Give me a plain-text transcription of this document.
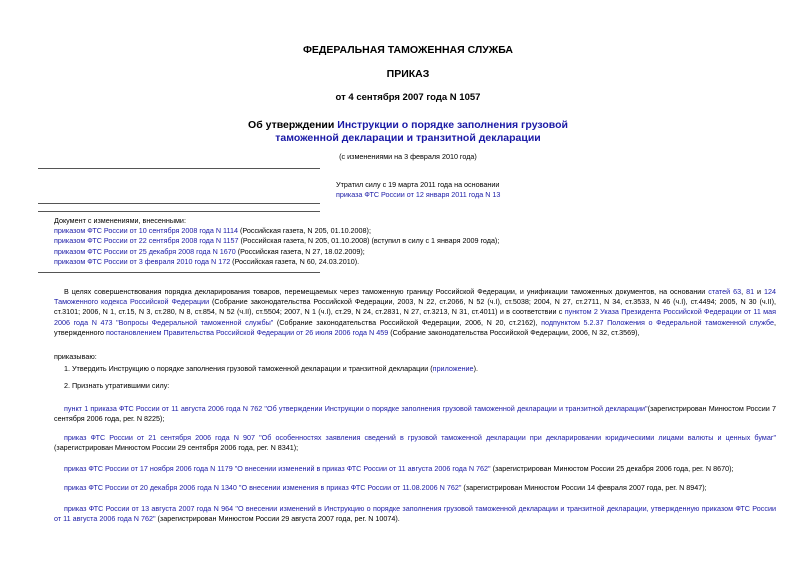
ФЕДЕРАЛЬНАЯ ТАМОЖЕННАЯ СЛУЖБА
ПРИКАЗ
от 4 сентября 2007 года N 1057
Об утверждении Инструкции о порядке заполнения грузовой
таможенной декларации и транзитной декларации
(с изменениями на 3 февраля 2010 года)
Утратил силу с 19 марта 2011 года на основании
приказа ФТС России от 12 января 2011 года N 13
Документ с изменениями, внесенными:
приказом ФТС России от 10 сентября 2008 года N 1114 (Российская газета, N 205, 01.10.2008);
приказом ФТС России от 22 сентября 2008 года N 1157 (Российская газета, N 205, 01.10.2008) (вступил в силу с 1 января 2009 года);
приказом ФТС России от 25 декабря 2008 года N 1670 (Российская газета, N 27, 18.02.2009);
приказом ФТС России от 3 февраля 2010 года N 172 (Российская газета, N 60, 24.03.2010).
В целях совершенствования порядка декларирования товаров, перемещаемых через таможенную границу Российской Федерации, и унификации таможенных документов, на основании статей 63, 81 и 124 Таможенного кодекса Российской Федерации (Собрание законодательства Российской Федерации, 2003, N 22, ст.2066, N 52 (ч.I), ст.5038; 2004, N 27, ст.2711, N 34, ст.3533, N 46 (ч.I), ст.4494; 2005, N 30 (ч.II), ст.3101; 2006, N 1, ст.15, N 3, ст.280, N 8, ст.854, N 52 (ч.II), ст.5504; 2007, N 1 (ч.I), ст.29, N 24, ст.2831, N 27, ст.3213, N 31, ст.4011) и в соответствии с пунктом 2 Указа Президента Российской Федерации от 11 мая 2006 года N 473 "Вопросы Федеральной таможенной службы" (Собрание законодательства Российской Федерации, 2006, N 20, ст.2162), подпунктом 5.2.37 Положения о Федеральной таможенной службе, утвержденного постановлением Правительства Российской Федерации от 26 июля 2006 года N 459 (Собрание законодательства Российской Федерации, 2006, N 32, ст.3569),
приказываю:
1. Утвердить Инструкцию о порядке заполнения грузовой таможенной декларации и транзитной декларации (приложение).
2. Признать утратившими силу:
пункт 1 приказа ФТС России от 11 августа 2006 года N 762 "Об утверждении Инструкции о порядке заполнения грузовой таможенной декларации и транзитной декларации"(зарегистрирован Минюстом России 7 сентября 2006 года, рег. N 8225);
приказ ФТС России от 21 сентября 2006 года N 907 "Об особенностях заявления сведений в грузовой таможенной декларации при декларировании юридическими лицами валюты и ценных бумаг" (зарегистрирован Минюстом России 29 сентября 2006 года, рег. N 8341);
приказ ФТС России от 17 ноября 2006 года N 1179 "О внесении изменений в приказ ФТС России от 11 августа 2006 года N 762" (зарегистрирован Минюстом России 25 декабря 2006 года, рег. N 8670);
приказ ФТС России от 20 декабря 2006 года N 1340 "О внесении изменения в приказ ФТС России от 11.08.2006 N 762" (зарегистрирован Минюстом России 14 февраля 2007 года, рег. N 8947);
приказ ФТС России от 13 августа 2007 года N 964 "О внесении изменений в Инструкцию о порядке заполнения грузовой таможенной декларации и транзитной декларации, утвержденную приказом ФТС России от 11 августа 2006 года N 762" (зарегистрирован Минюстом России 29 августа 2007 года, рег. N 10074).
